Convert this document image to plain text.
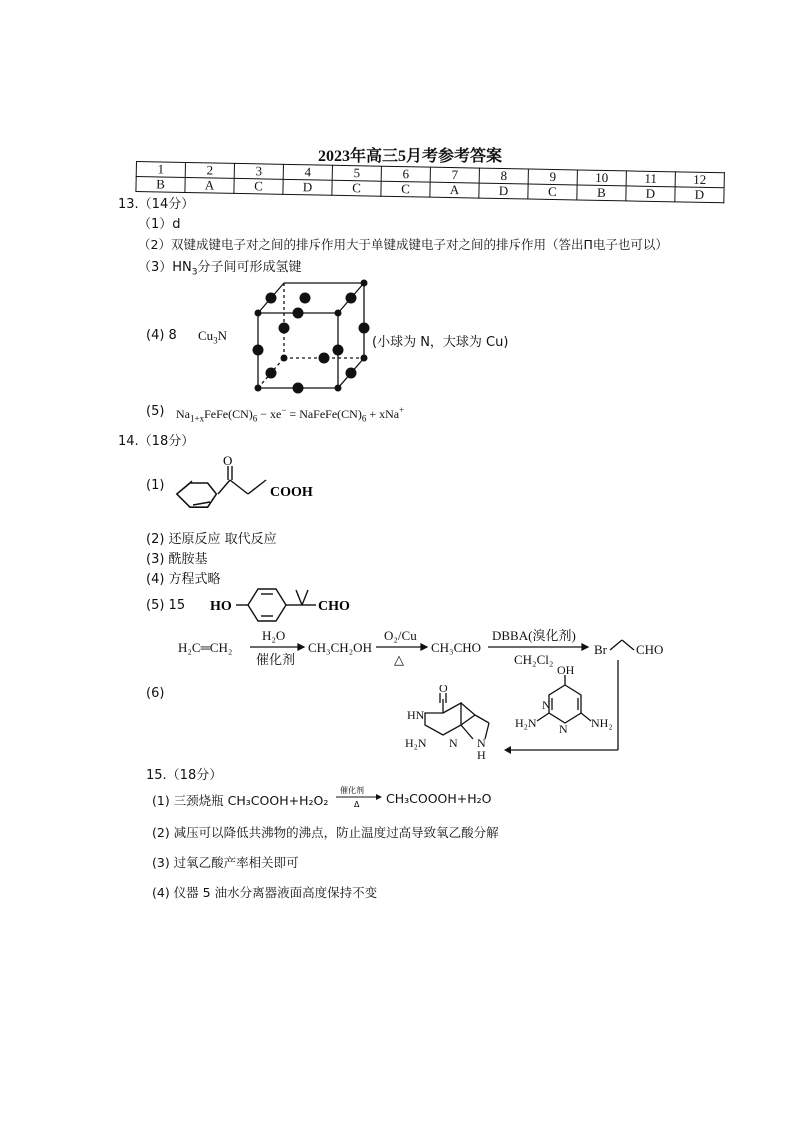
2023年高三5月考参考答案
1	2	3	4	5	6	7	8	9	10	11	12
B	A	C	D	C	C	A	D	C	B	D	D
13.（14分）
（1）d
（2）双键成键电子对之间的排斥作用大于单键成键电子对之间的排斥作用（答出Π电子也可以）
$(3)HN_3$分子间可形成氢键
(4) 8 $Cu_3N$	(小球为 N，大球为 Cu)
(5) $Na_{1+x}FeFe(CN)_6 - xe^-$ = $NaFeFe(CN)_6 + xNa^+$
14.（18分）
(1)
O
COOH
(2) 还原反应 取代反应
(3) 酰胺基
(4) 方程式略
(5) 15 HO	CHO
(6)
H₂C═CH₂
H₂O
催化剂
CH₃CH₂OH
O₂/Cu
△
CH₃CHO
DBBA(溴化剂)
CH₂Cl₂
Br CHO
O
HN
H₂N N N
H
OH
H₂N	NH₂
N
N
15.（18分）
(1) 三颈烧瓶 CH₃COOH+H₂O₂
催化剂
Δ CH₃COOOH+H₂O
(2) 减压可以降低共沸物的沸点，防止温度过高导致氧乙酸分解
(3) 过氧乙酸产率相关即可
(4) 仪器 5 油水分离器液面高度保持不变
